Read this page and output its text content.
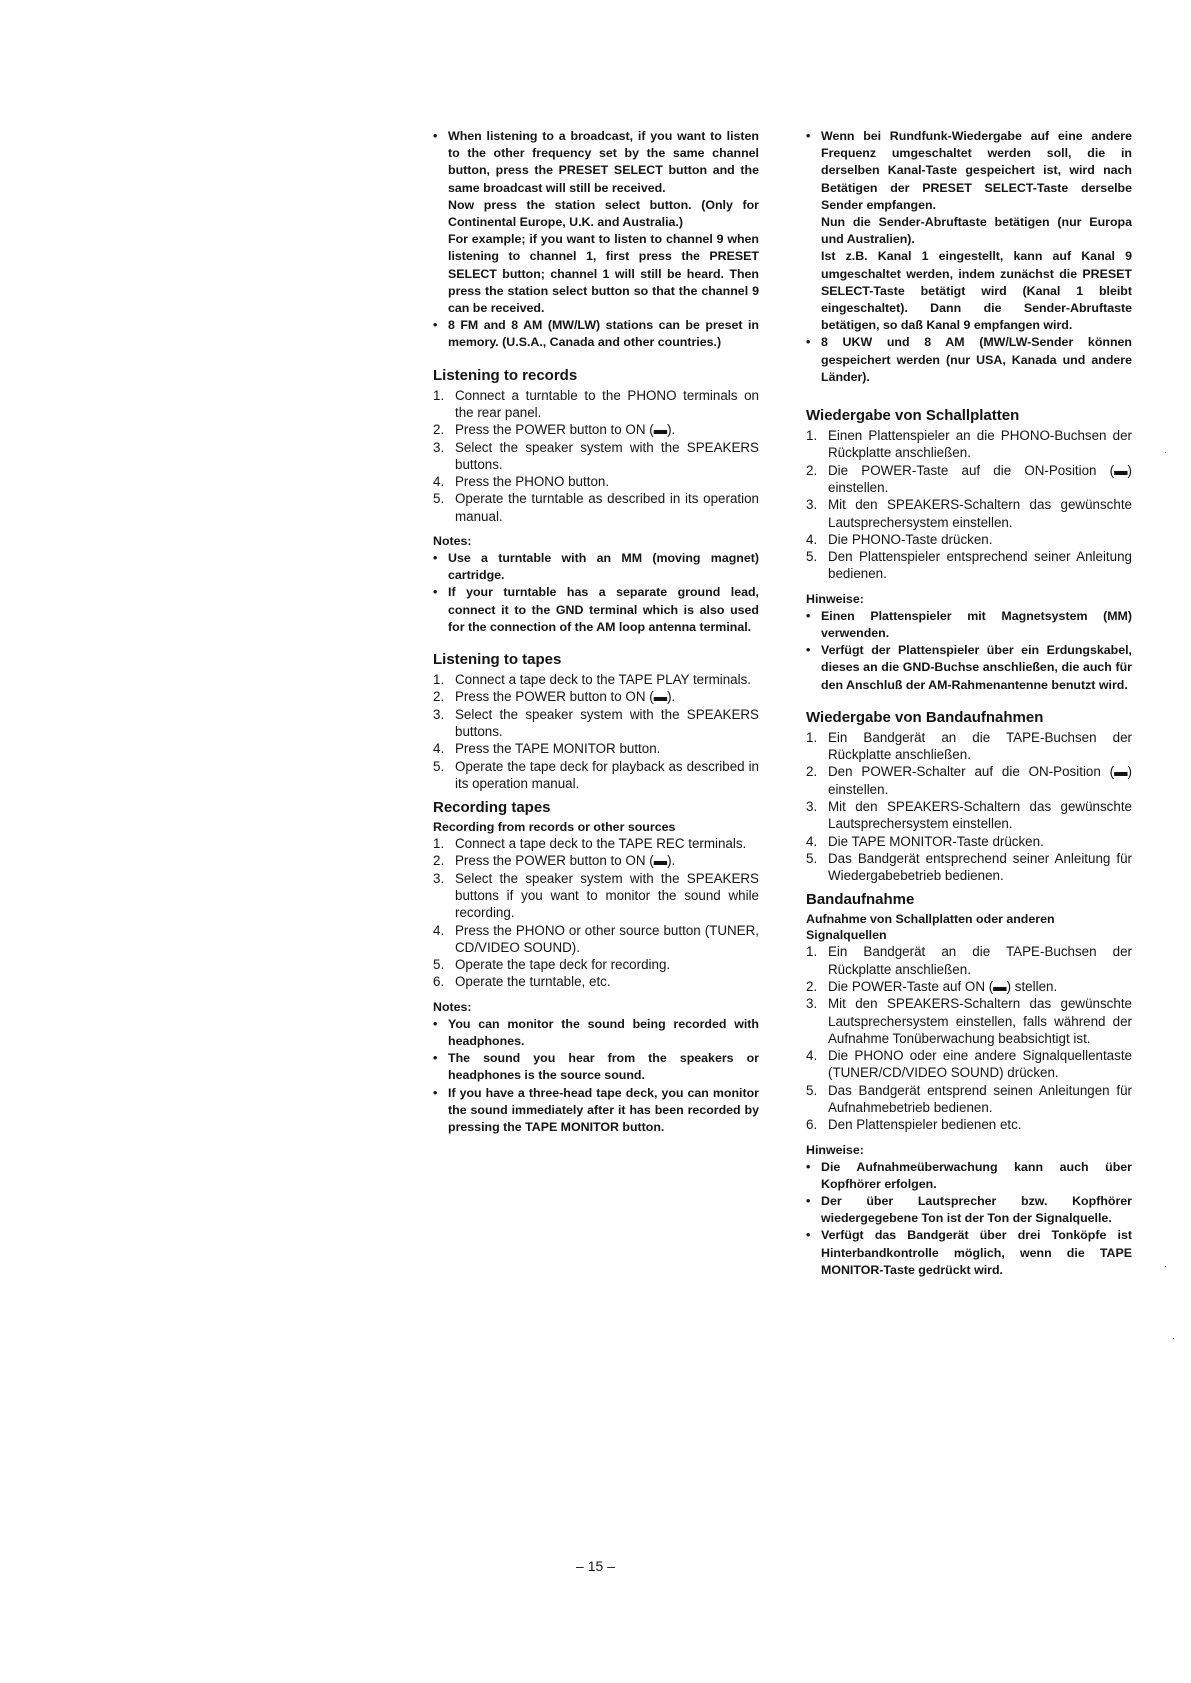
• When listening to a broadcast, if you want to listen to the other frequency set by the same channel button, press the PRESET SELECT button and the same broadcast will still be received.
Now press the station select button. (Only for Continental Europe, U.K. and Australia.)
For example; if you want to listen to channel 9 when listening to channel 1, first press the PRESET SELECT button; channel 1 will still be heard. Then press the station select button so that the channel 9 can be received.
• 8 FM and 8 AM (MW/LW) stations can be preset in memory. (U.S.A., Canada and other countries.)
Listening to records
1. Connect a turntable to the PHONO terminals on the rear panel.
2. Press the POWER button to ON (▬).
3. Select the speaker system with the SPEAKERS buttons.
4. Press the PHONO button.
5. Operate the turntable as described in its operation manual.
Notes:
• Use a turntable with an MM (moving magnet) cartridge.
• If your turntable has a separate ground lead, connect it to the GND terminal which is also used for the connection of the AM loop antenna terminal.
Listening to tapes
1. Connect a tape deck to the TAPE PLAY terminals.
2. Press the POWER button to ON (▬).
3. Select the speaker system with the SPEAKERS buttons.
4. Press the TAPE MONITOR button.
5. Operate the tape deck for playback as described in its operation manual.
Recording tapes
Recording from records or other sources
1. Connect a tape deck to the TAPE REC terminals.
2. Press the POWER button to ON (▬).
3. Select the speaker system with the SPEAKERS buttons if you want to monitor the sound while recording.
4. Press the PHONO or other source button (TUNER, CD/VIDEO SOUND).
5. Operate the tape deck for recording.
6. Operate the turntable, etc.
Notes:
• You can monitor the sound being recorded with headphones.
• The sound you hear from the speakers or headphones is the source sound.
• If you have a three-head tape deck, you can monitor the sound immediately after it has been recorded by pressing the TAPE MONITOR button.
• Wenn bei Rundfunk-Wiedergabe auf eine andere Frequenz umgeschaltet werden soll, die in derselben Kanal-Taste gespeichert ist, wird nach Betätigen der PRESET SELECT-Taste derselbe Sender empfangen.
Nun die Sender-Abruftaste betätigen (nur Europa und Australien).
Ist z.B. Kanal 1 eingestellt, kann auf Kanal 9 umgeschaltet werden, indem zunächst die PRESET SELECT-Taste betätigt wird (Kanal 1 bleibt eingeschaltet). Dann die Sender-Abruftaste betätigen, so daß Kanal 9 empfangen wird.
• 8 UKW und 8 AM (MW/LW-Sender können gespeichert werden (nur USA, Kanada und andere Länder).
Wiedergabe von Schallplatten
1. Einen Plattenspieler an die PHONO-Buchsen der Rückplatte anschließen.
2. Die POWER-Taste auf die ON-Position (▬) einstellen.
3. Mit den SPEAKERS-Schaltern das gewünschte Lautsprechersystem einstellen.
4. Die PHONO-Taste drücken.
5. Den Plattenspieler entsprechend seiner Anleitung bedienen.
Hinweise:
• Einen Plattenspieler mit Magnetsystem (MM) verwenden.
• Verfügt der Plattenspieler über ein Erdungskabel, dieses an die GND-Buchse anschließen, die auch für den Anschluß der AM-Rahmenantenne benutzt wird.
Wiedergabe von Bandaufnahmen
1. Ein Bandgerät an die TAPE-Buchsen der Rückplatte anschließen.
2. Den POWER-Schalter auf die ON-Position (▬) einstellen.
3. Mit den SPEAKERS-Schaltern das gewünschte Lautsprechersystem einstellen.
4. Die TAPE MONITOR-Taste drücken.
5. Das Bandgerät entsprechend seiner Anleitung für Wiedergabebetrieb bedienen.
Bandaufnahme
Aufnahme von Schallplatten oder anderen Signalquellen
1. Ein Bandgerät an die TAPE-Buchsen der Rückplatte anschließen.
2. Die POWER-Taste auf ON (▬) stellen.
3. Mit den SPEAKERS-Schaltern das gewünschte Lautsprechersystem einstellen, falls während der Aufnahme Tonüberwachung beabsichtigt ist.
4. Die PHONO oder eine andere Signalquellentaste (TUNER/CD/VIDEO SOUND) drücken.
5. Das Bandgerät entsprend seinen Anleitungen für Aufnahmebetrieb bedienen.
6. Den Plattenspieler bedienen etc.
Hinweise:
• Die Aufnahmeüberwachung kann auch über Kopfhörer erfolgen.
• Der über Lautsprecher bzw. Kopfhörer wiedergegebene Ton ist der Ton der Signalquelle.
• Verfügt das Bandgerät über drei Tonköpfe ist Hinterbandkontrolle möglich, wenn die TAPE MONITOR-Taste gedrückt wird.
·
·
·
– 15 –
